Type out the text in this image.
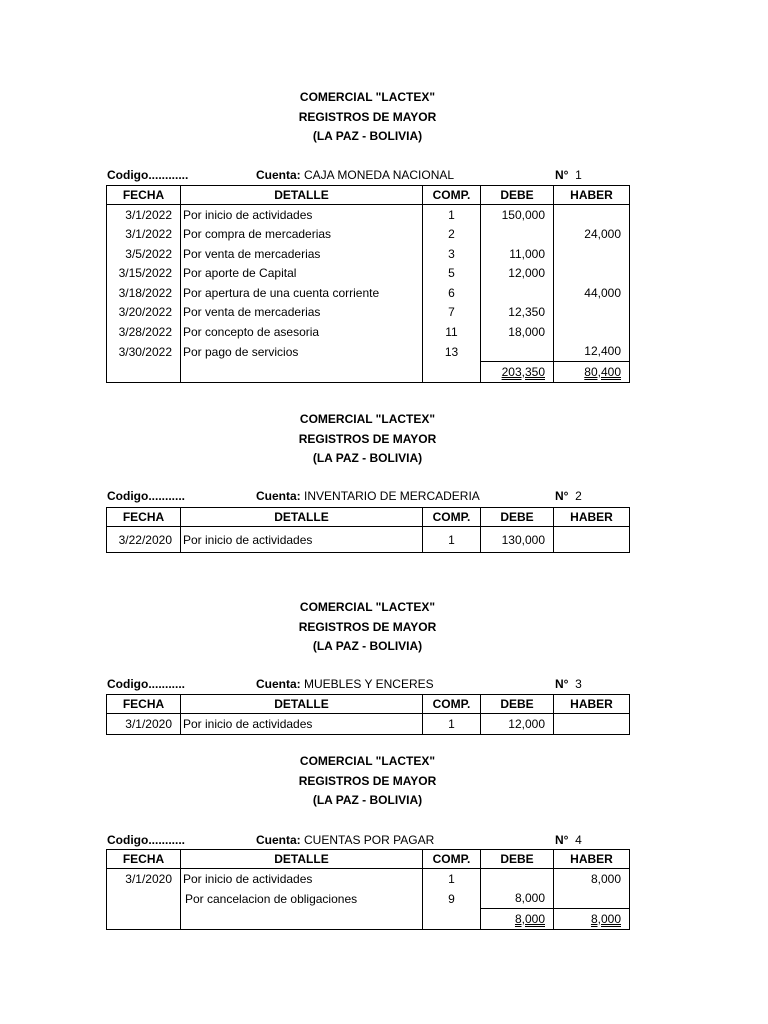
COMERCIAL "LACTEX"
REGISTROS DE MAYOR
(LA PAZ - BOLIVIA)
Codigo............	Cuenta: CAJA MONEDA NACIONAL	N° 1
FECHA	DETALLE	COMP.	DEBE	HABER
3/1/2022	Por inicio de actividades	1	150,000	
3/1/2022	Por compra de mercaderias	2		24,000
3/5/2022	Por venta de mercaderias	3	11,000	
3/15/2022	Por aporte de Capital	5	12,000	
3/18/2022	Por apertura de una cuenta corriente	6		44,000
3/20/2022	Por venta de mercaderias	7	12,350	
3/28/2022	Por concepto de asesoria	11	18,000	
3/30/2022	Por pago de servicios	13		12,400
			203,350	80,400
COMERCIAL "LACTEX"
REGISTROS DE MAYOR
(LA PAZ - BOLIVIA)
Codigo...........	Cuenta: INVENTARIO DE MERCADERIA	N° 2
FECHA	DETALLE	COMP.	DEBE	HABER
3/22/2020	Por inicio de actividades	1	130,000	
COMERCIAL "LACTEX"
REGISTROS DE MAYOR
(LA PAZ - BOLIVIA)
Codigo...........	Cuenta: MUEBLES Y ENCERES	N° 3
FECHA	DETALLE	COMP.	DEBE	HABER
3/1/2020	Por inicio de actividades	1	12,000	
COMERCIAL "LACTEX"
REGISTROS DE MAYOR
(LA PAZ - BOLIVIA)
Codigo...........	Cuenta: CUENTAS POR PAGAR	N° 4
FECHA	DETALLE	COMP.	DEBE	HABER
3/1/2020	Por inicio de actividades	1		8,000
	Por cancelacion de obligaciones	9	8,000	
			8,000	8,000
